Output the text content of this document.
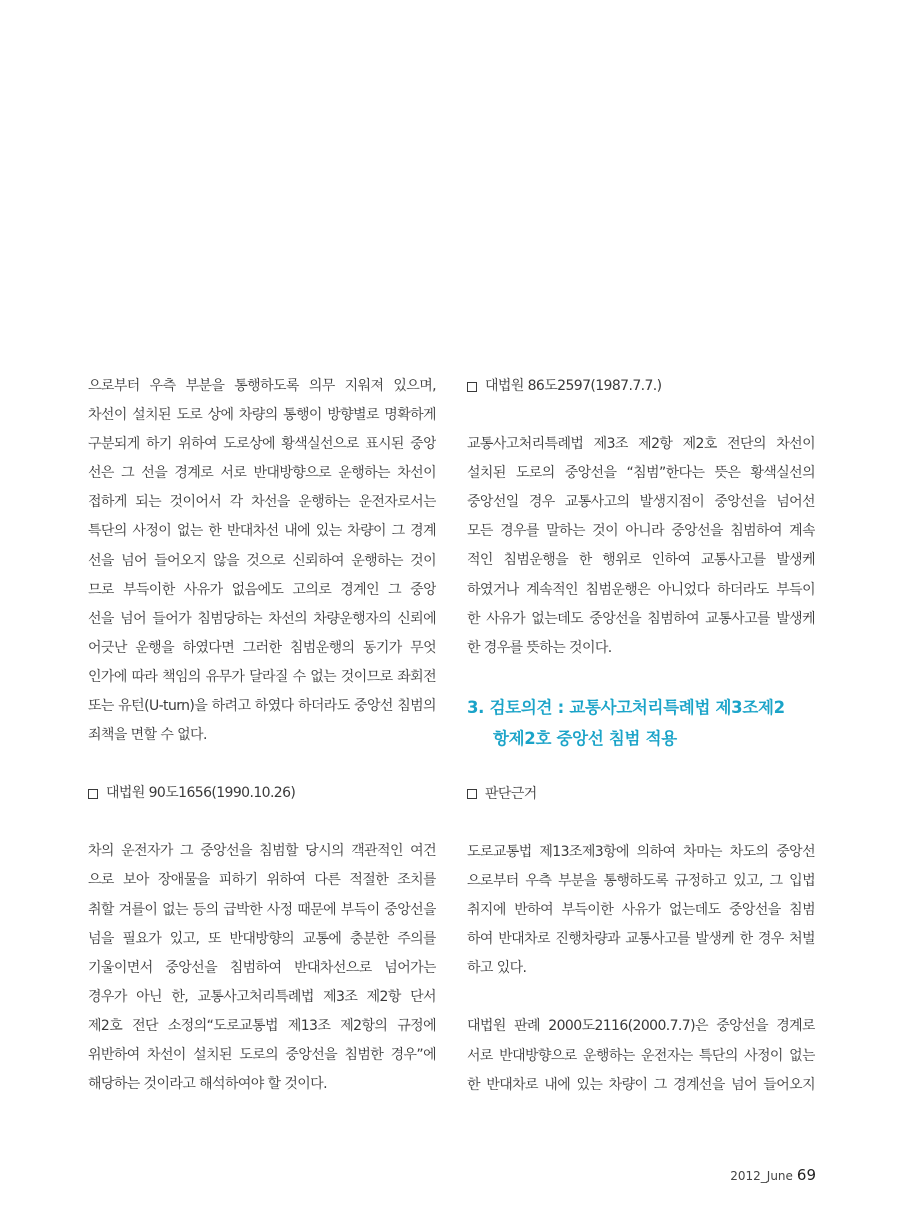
으로부터 우측 부분을 통행하도록 의무 지워져 있으며,
차선이 설치된 도로 상에 차량의 통행이 방향별로 명확하게
구분되게 하기 위하여 도로상에 황색실선으로 표시된 중앙
선은 그 선을 경계로 서로 반대방향으로 운행하는 차선이
접하게 되는 것이어서 각 차선을 운행하는 운전자로서는
특단의 사정이 없는 한 반대차선 내에 있는 차량이 그 경계
선을 넘어 들어오지 않을 것으로 신뢰하여 운행하는 것이
므로 부득이한 사유가 없음에도 고의로 경계인 그 중앙
선을 넘어 들어가 침범당하는 차선의 차량운행자의 신뢰에
어긋난 운행을 하였다면 그러한 침범운행의 동기가 무엇
인가에 따라 책임의 유무가 달라질 수 없는 것이므로 좌회전
또는 유턴(U-turn)을 하려고 하였다 하더라도 중앙선 침범의
죄책을 면할 수 없다.
대법원 90도1656(1990.10.26)
차의 운전자가 그 중앙선을 침범할 당시의 객관적인 여건
으로 보아 장애물을 피하기 위하여 다른 적절한 조치를
취할 겨를이 없는 등의 급박한 사정 때문에 부득이 중앙선을
넘을 필요가 있고, 또 반대방향의 교통에 충분한 주의를
기울이면서 중앙선을 침범하여 반대차선으로 넘어가는
경우가 아닌 한, 교통사고처리특례법 제3조 제2항 단서
제2호 전단 소정의“도로교통법 제13조 제2항의 규정에
위반하여 차선이 설치된 도로의 중앙선을 침범한 경우”에
해당하는 것이라고 해석하여야 할 것이다.
대법원 86도2597(1987.7.7.)
교통사고처리특례법 제3조 제2항 제2호 전단의 차선이
설치된 도로의 중앙선을 “침범”한다는 뜻은 황색실선의
중앙선일 경우 교통사고의 발생지점이 중앙선을 넘어선
모든 경우를 말하는 것이 아니라 중앙선을 침범하여 계속
적인 침범운행을 한 행위로 인하여 교통사고를 발생케
하였거나 계속적인 침범운행은 아니었다 하더라도 부득이
한 사유가 없는데도 중앙선을 침범하여 교통사고를 발생케
한 경우를 뜻하는 것이다.
3. 검토의견 : 교통사고처리특례법 제3조제2
항제2호 중앙선 침범 적용
판단근거
도로교통법 제13조제3항에 의하여 차마는 차도의 중앙선
으로부터 우측 부분을 통행하도록 규정하고 있고, 그 입법
취지에 반하여 부득이한 사유가 없는데도 중앙선을 침범
하여 반대차로 진행차량과 교통사고를 발생케 한 경우 처벌
하고 있다.
대법원 판례 2000도2116(2000.7.7)은 중앙선을 경계로
서로 반대방향으로 운행하는 운전자는 특단의 사정이 없는
한 반대차로 내에 있는 차량이 그 경계선을 넘어 들어오지
2012_June 69
